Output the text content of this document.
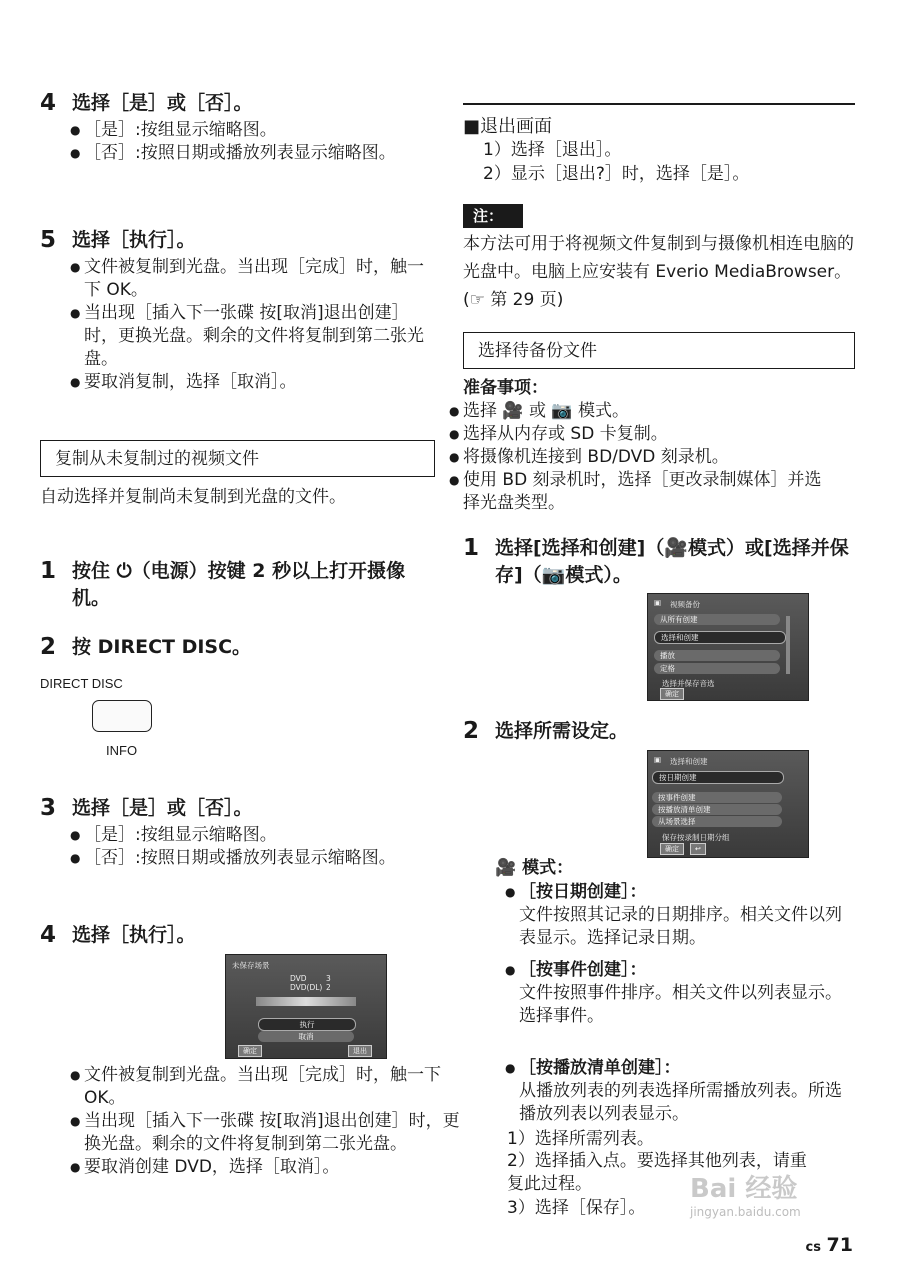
4 选择［是］或［否］。
● ［是］:按组显示缩略图。
● ［否］:按照日期或播放列表显示缩略图。
5 选择［执行］。
● 文件被复制到光盘。当出现［完成］时，触一下 OK。
● 当出现［插入下一张碟 按[取消]退出创建］时，更换光盘。剩余的文件将复制到第二张光盘。
● 要取消复制，选择［取消］。
复制从未复制过的视频文件
自动选择并复制尚未复制到光盘的文件。
1 按住 ⏻（电源）按键 2 秒以上打开摄像机。
2 按 DIRECT DISC。
3 选择［是］或［否］。
● ［是］:按组显示缩略图。
● ［否］:按照日期或播放列表显示缩略图。
4 选择［执行］。
● 文件被复制到光盘。当出现［完成］时，触一下 OK。
● 当出现［插入下一张碟 按[取消]退出创建］时，更换光盘。剩余的文件将复制到第二张光盘。
● 要取消创建 DVD，选择［取消］。
DIRECT DISC
INFO
未保存场景
DVD	3
DVD(DL) 2
执行
取消
确定	退出
■退出画面
1）选择［退出］。
2）显示［退出?］时，选择［是］。
注：
本方法可用于将视频文件复制到与摄像机相连电脑的光盘中。电脑上应安装有 Everio MediaBrowser。(☞ 第 29 页)
选择待备份文件
准备事项：
● 选择 🎥 或 📷 模式。
● 选择从内存或 SD 卡复制。
● 将摄像机连接到 BD/DVD 刻录机。
● 使用 BD 刻录机时，选择［更改录制媒体］并选择光盘类型。
1 选择[选择和创建]（🎥模式）或[选择并保存]（📷模式）。
2 选择所需设定。
🎥 模式：
● ［按日期创建］：
文件按照其记录的日期排序。相关文件以列表显示。选择记录日期。
● ［按事件创建］：
文件按照事件排序。相关文件以列表显示。
选择事件。
● ［按播放清单创建］：
从播放列表的列表选择所需播放列表。所选播放列表以列表显示。
1）选择所需列表。
2）选择插入点。要选择其他列表，请重复此过程。
3）选择［保存］。
▣ 视频备份
从所有创建
选择和创建
播放
定格
选择并保存音选
确定
▣ 选择和创建
按日期创建
按事件创建
按播放清单创建
从场景选择
保存按录制日期分组
确定	↩
Bai 经验
jingyan.baidu.com
cs 71
